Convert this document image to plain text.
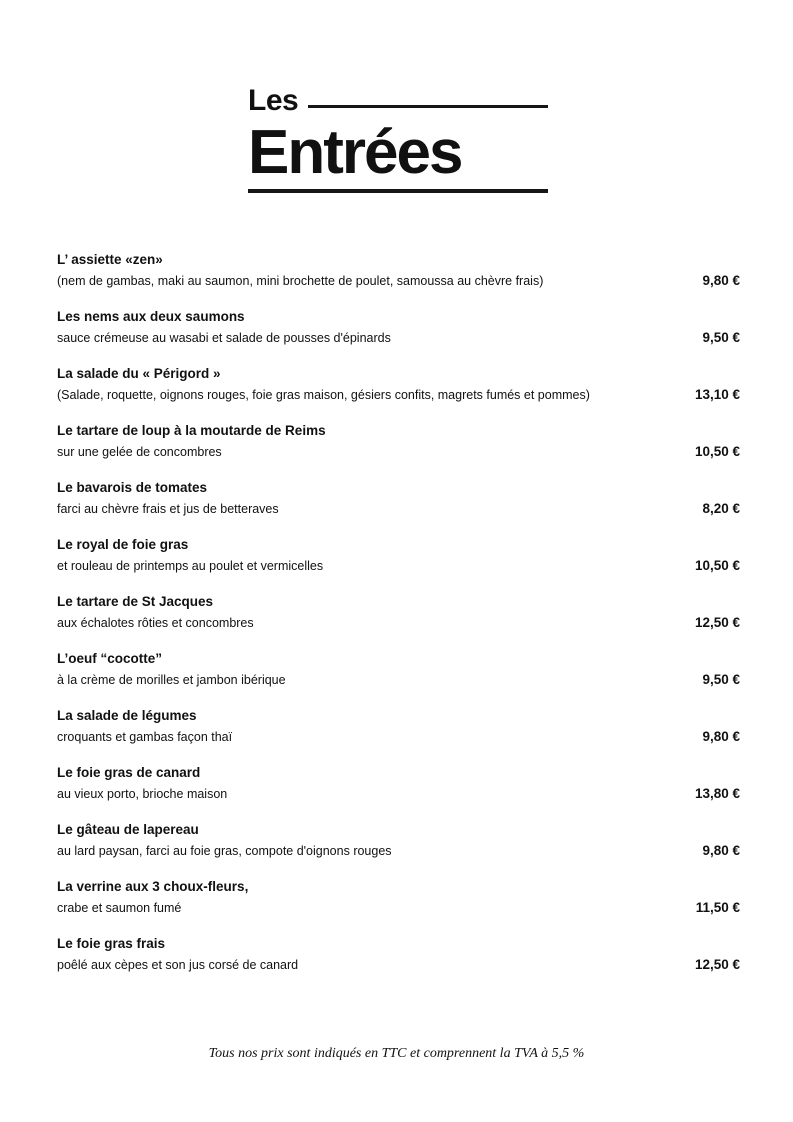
Les
Entrées
L’ assiette «zen»
(nem de gambas, maki au saumon, mini brochette de poulet, samoussa au chèvre frais)	9,80 €
Les nems aux deux saumons
sauce crémeuse au wasabi et salade de pousses d'épinards	9,50 €
La salade du « Périgord »
(Salade, roquette, oignons rouges, foie gras maison, gésiers confits, magrets fumés et pommes)	13,10 €
Le tartare de loup à la moutarde de Reims
sur une gelée de concombres	10,50 €
Le bavarois de tomates
farci au chèvre frais et jus de betteraves	8,20 €
Le royal de foie gras
et rouleau de printemps au poulet et vermicelles	10,50 €
Le tartare de St Jacques
aux échalotes rôties et concombres	12,50 €
L’oeuf “cocotte”
à la crème de morilles et jambon ibérique	9,50 €
La salade de légumes
croquants et gambas façon thaï	9,80 €
Le foie gras de canard
au vieux porto, brioche maison	13,80 €
Le gâteau de lapereau
au lard paysan, farci au foie gras, compote d'oignons rouges	9,80 €
La verrine aux 3 choux-fleurs,
crabe et saumon fumé	11,50 €
Le foie gras frais
poêlé aux cèpes et son jus corsé de canard	12,50 €
Tous nos prix sont indiqués en TTC et comprennent la TVA à 5,5 %
